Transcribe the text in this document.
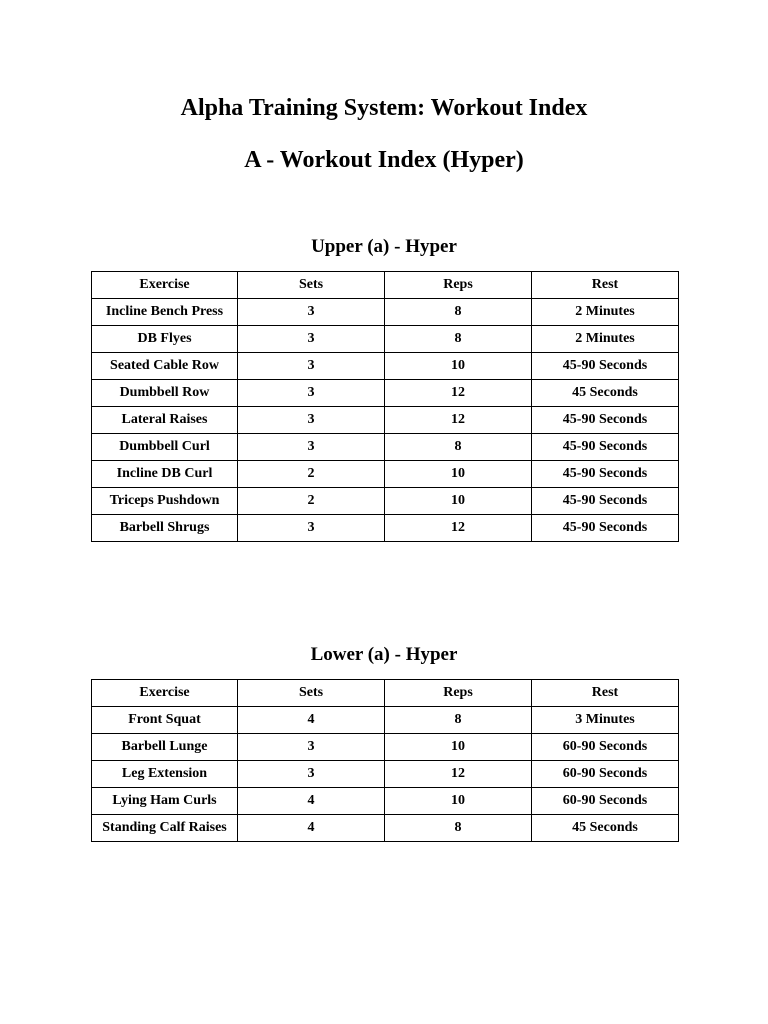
Alpha Training System: Workout Index
A - Workout Index (Hyper)
Upper (a) - Hyper
Exercise	Sets	Reps	Rest
Incline Bench Press	3	8	2 Minutes
DB Flyes	3	8	2 Minutes
Seated Cable Row	3	10	45-90 Seconds
Dumbbell Row	3	12	45 Seconds
Lateral Raises	3	12	45-90 Seconds
Dumbbell Curl	3	8	45-90 Seconds
Incline DB Curl	2	10	45-90 Seconds
Triceps Pushdown	2	10	45-90 Seconds
Barbell Shrugs	3	12	45-90 Seconds
Lower (a) - Hyper
Exercise	Sets	Reps	Rest
Front Squat	4	8	3 Minutes
Barbell Lunge	3	10	60-90 Seconds
Leg Extension	3	12	60-90 Seconds
Lying Ham Curls	4	10	60-90 Seconds
Standing Calf Raises	4	8	45 Seconds
